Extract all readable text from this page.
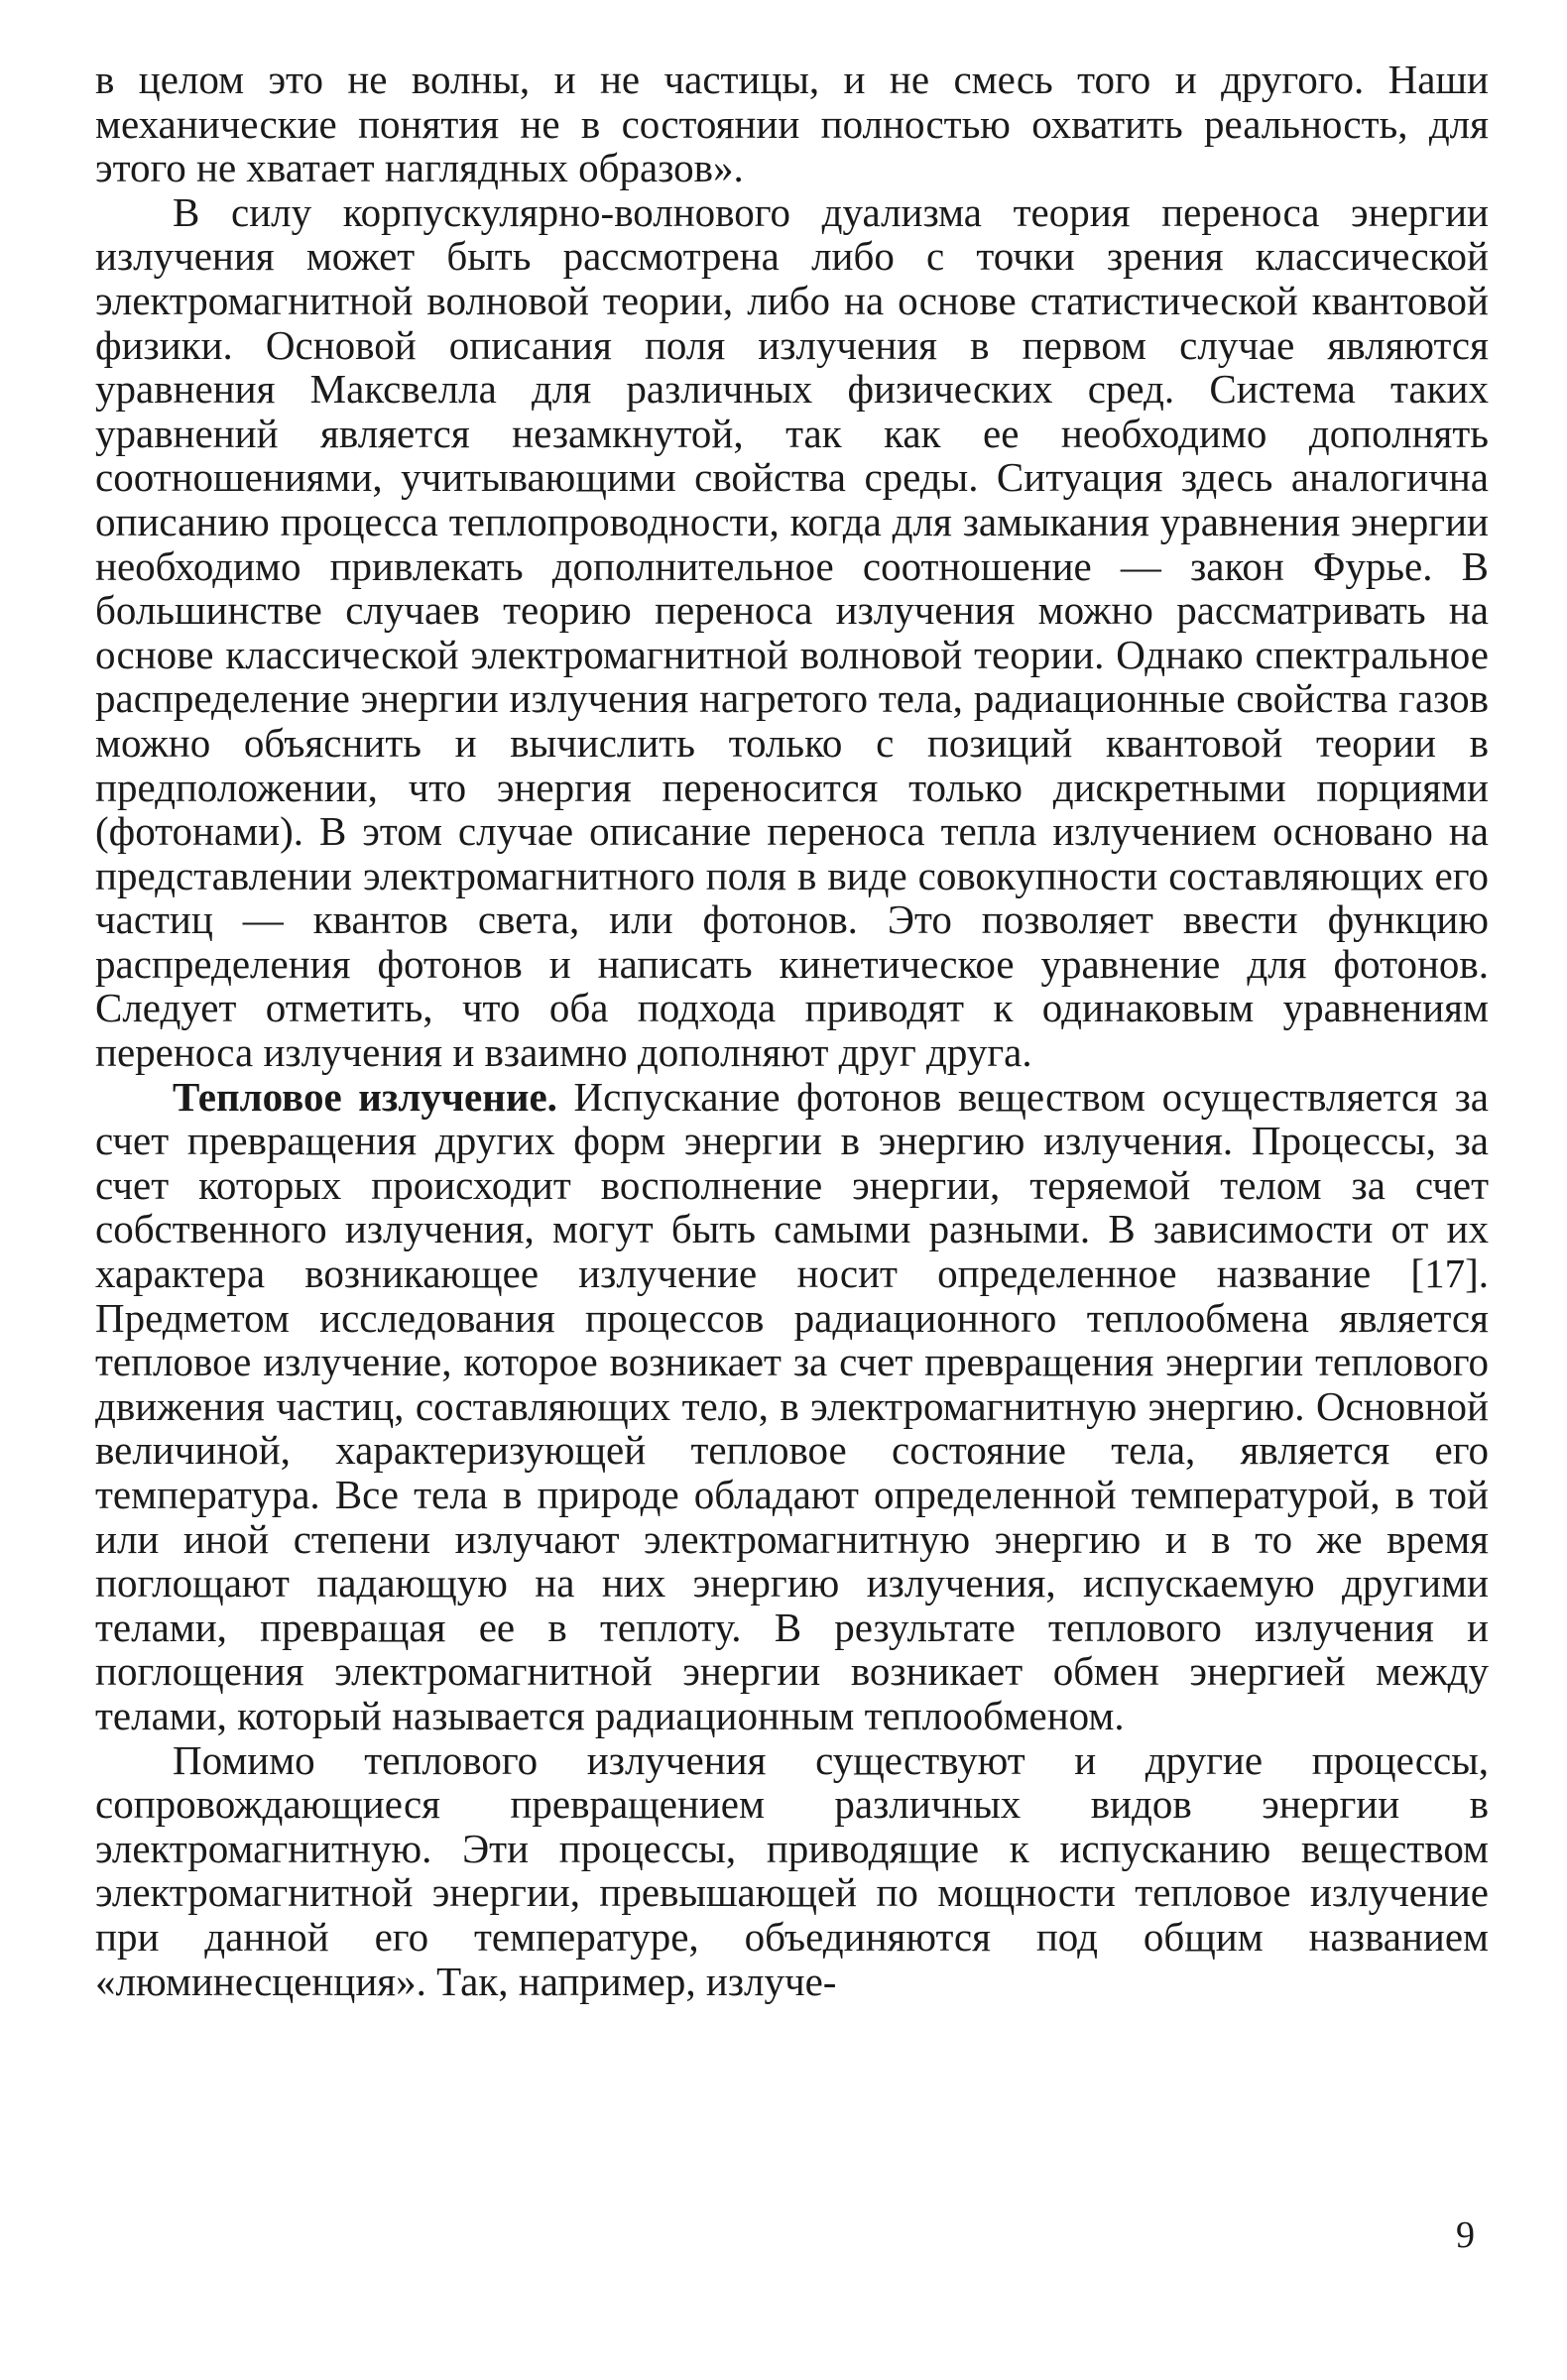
в целом это не волны, и не частицы, и не смесь того и другого. Наши механические понятия не в состоянии полностью охватить реальность, для этого не хватает наглядных образов».

В силу корпускулярно-волнового дуализма теория переноса энергии излучения может быть рассмотрена либо с точки зрения классической электромагнитной волновой теории, либо на основе статистической квантовой физики. Основой описания поля излучения в первом случае являются уравнения Максвелла для различных физических сред. Система таких уравнений является незамкнутой, так как ее необходимо дополнять соотношениями, учитывающими свойства среды. Ситуация здесь аналогична описанию процесса теплопроводности, когда для замыкания уравнения энергии необходимо привлекать дополнительное соотношение — закон Фурье. В большинстве случаев теорию переноса излучения можно рассматривать на основе классической электромагнитной волновой теории. Однако спектральное распределение энергии излучения нагретого тела, радиационные свойства газов можно объяснить и вычислить только с позиций квантовой теории в предположении, что энергия переносится только дискретными порциями (фотонами). В этом случае описание переноса тепла излучением основано на представлении электромагнитного поля в виде совокупности составляющих его частиц — квантов света, или фотонов. Это позволяет ввести функцию распределения фотонов и написать кинетическое уравнение для фотонов. Следует отметить, что оба подхода приводят к одинаковым уравнениям переноса излучения и взаимно дополняют друг друга.

Тепловое излучение. Испускание фотонов веществом осуществляется за счет превращения других форм энергии в энергию излучения. Процессы, за счет которых происходит восполнение энергии, теряемой телом за счет собственного излучения, могут быть самыми разными. В зависимости от их характера возникающее излучение носит определенное название [17]. Предметом исследования процессов радиационного теплообмена является тепловое излучение, которое возникает за счет превращения энергии теплового движения частиц, составляющих тело, в электромагнитную энергию. Основной величиной, характеризующей тепловое состояние тела, является его температура. Все тела в природе обладают определенной температурой, в той или иной степени излучают электромагнитную энергию и в то же время поглощают падающую на них энергию излучения, испускаемую другими телами, превращая ее в теплоту. В результате теплового излучения и поглощения электромагнитной энергии возникает обмен энергией между телами, который называется радиационным теплообменом.

Помимо теплового излучения существуют и другие процессы, сопровождающиеся превращением различных видов энергии в электромагнитную. Эти процессы, приводящие к испусканию веществом электромагнитной энергии, превышающей по мощности тепловое излучение при данной его температуре, объединяются под общим названием «люминесценция». Так, например, излуче-

9
